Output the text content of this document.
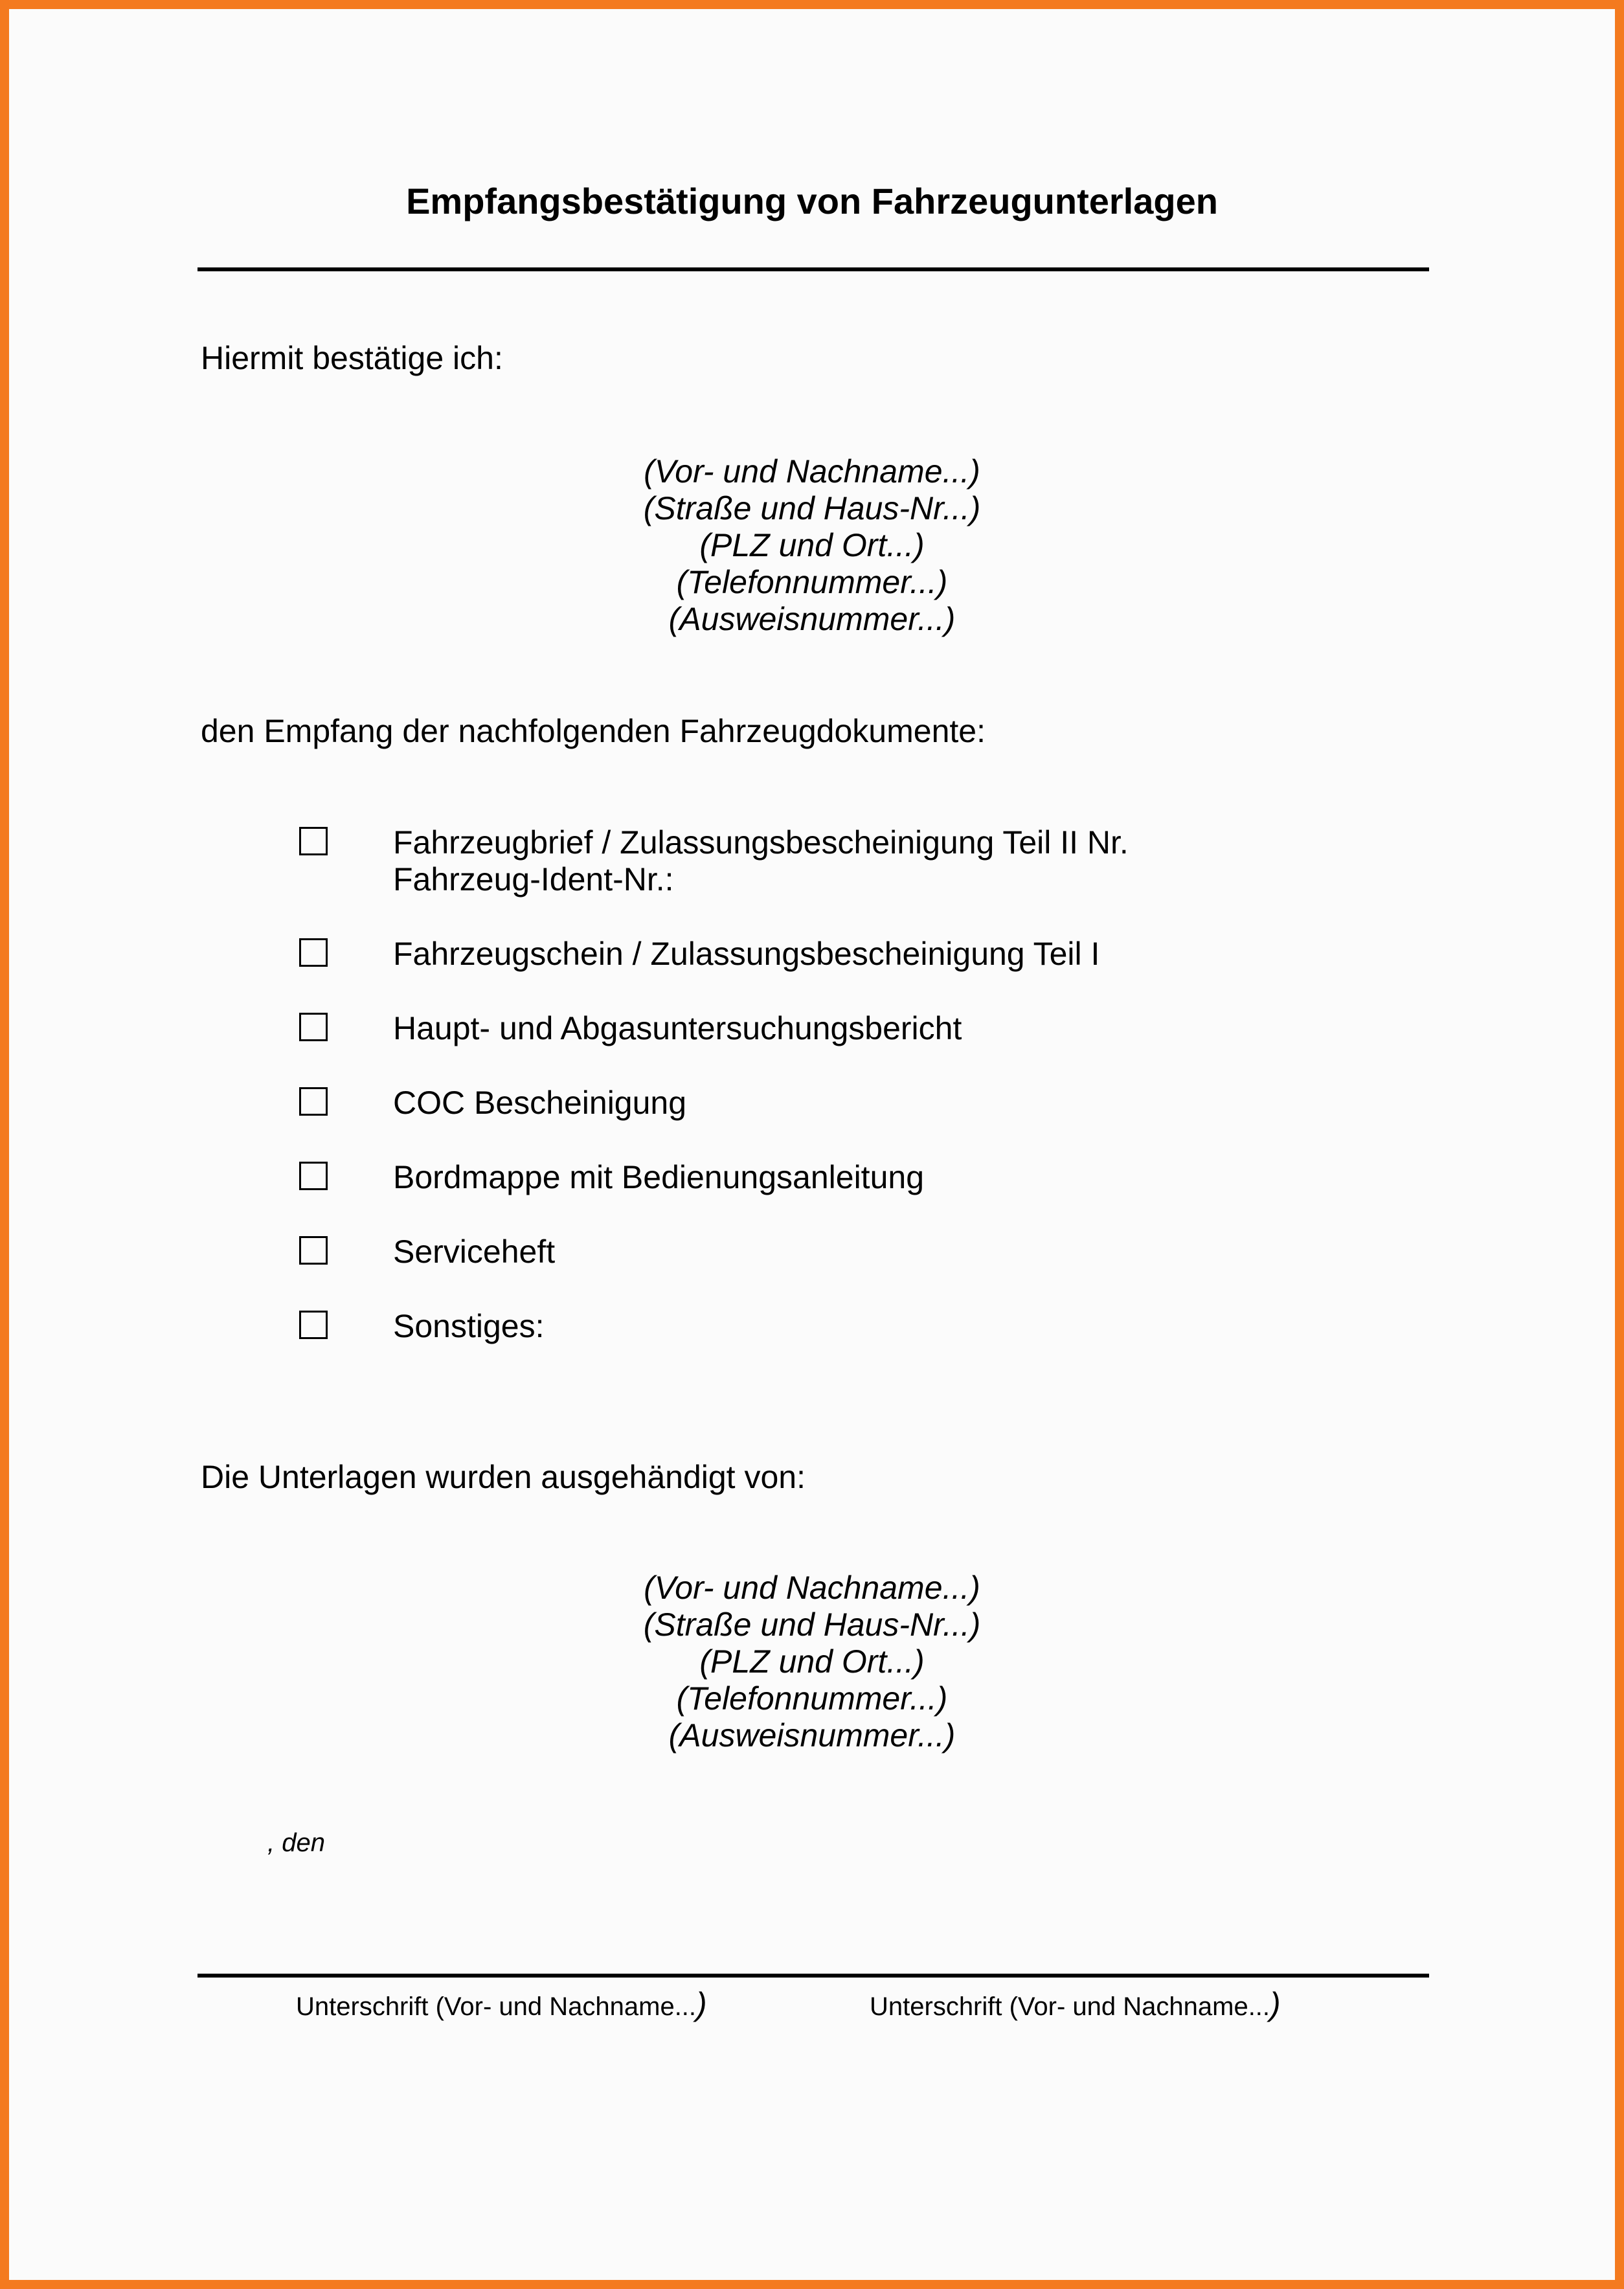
Empfangsbestätigung von Fahrzeugunterlagen
Hiermit bestätige ich:
(Vor- und Nachname...)
(Straße und Haus-Nr...)
(PLZ und Ort...)
(Telefonnummer...)
(Ausweisnummer...)
den Empfang der nachfolgenden Fahrzeugdokumente:
Fahrzeugbrief / Zulassungsbescheinigung Teil II Nr.
Fahrzeug-Ident-Nr.:
Fahrzeugschein / Zulassungsbescheinigung Teil I
Haupt- und Abgasuntersuchungsbericht
COC Bescheinigung
Bordmappe mit Bedienungsanleitung
Serviceheft
Sonstiges:
Die Unterlagen wurden ausgehändigt von:
(Vor- und Nachname...)
(Straße und Haus-Nr...)
(PLZ und Ort...)
(Telefonnummer...)
(Ausweisnummer...)
, den
Unterschrift (Vor- und Nachname...)	Unterschrift (Vor- und Nachname...)
